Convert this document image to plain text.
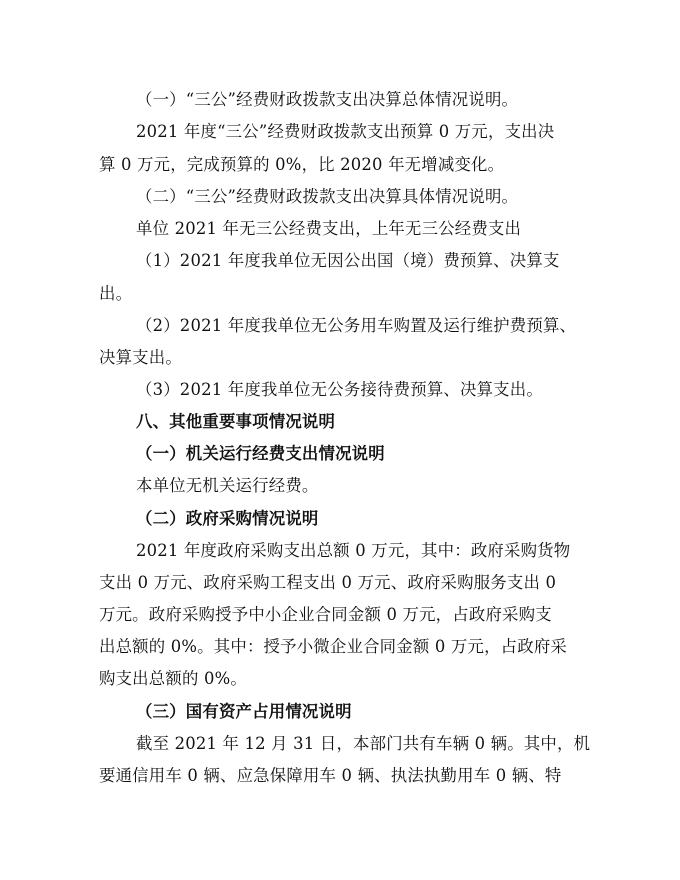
（一）“三公”经费财政拨款支出决算总体情况说明。
2021 年度“三公”经费财政拨款支出预算 0 万元，支出决
算 0 万元，完成预算的 0%，比 2020 年无增减变化。
（二）“三公”经费财政拨款支出决算具体情况说明。
单位 2021 年无三公经费支出，上年无三公经费支出
（1）2021 年度我单位无因公出国（境）费预算、决算支
出。
（2）2021 年度我单位无公务用车购置及运行维护费预算、
决算支出。
（3）2021 年度我单位无公务接待费预算、决算支出。
八、其他重要事项情况说明
（一）机关运行经费支出情况说明
本单位无机关运行经费。
（二）政府采购情况说明
2021 年度政府采购支出总额 0 万元，其中：政府采购货物
支出 0 万元、政府采购工程支出 0 万元、政府采购服务支出 0
万元。政府采购授予中小企业合同金额 0 万元，占政府采购支
出总额的 0%。其中：授予小微企业合同金额 0 万元，占政府采
购支出总额的 0%。
（三）国有资产占用情况说明
截至 2021 年 12 月 31 日，本部门共有车辆 0 辆。其中，机
要通信用车 0 辆、应急保障用车 0 辆、执法执勤用车 0 辆、特
